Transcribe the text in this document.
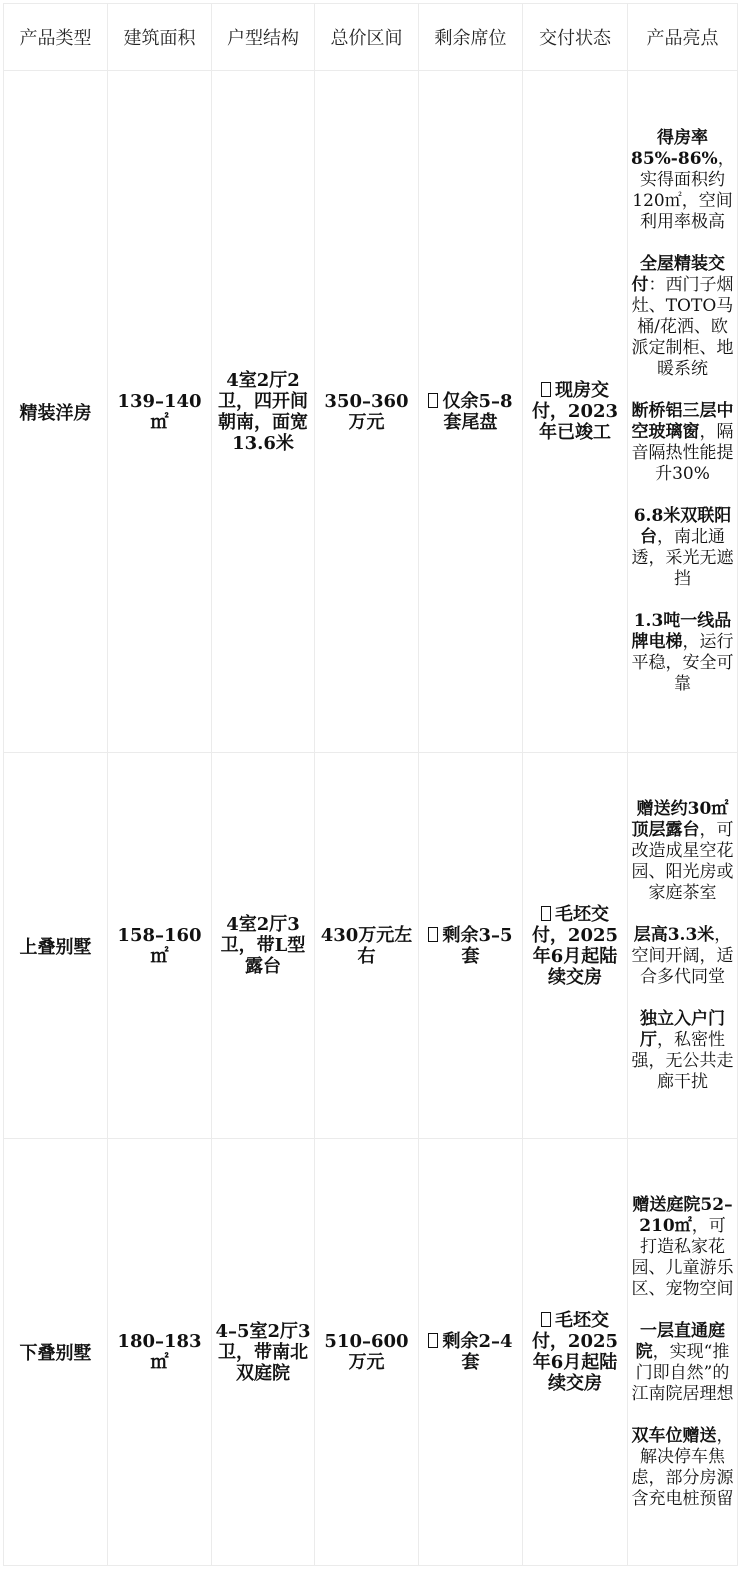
产品类型	建筑面积	户型结构	总价区间	剩余席位	交付状态	产品亮点
精装洋房	139–140㎡	4室2厅2卫，四开间朝南，面宽13.6米	350–360万元	仅余5–8套尾盘	现房交付，2023年已竣工	得房率85%-86%，实得面积约120㎡，空间利用率极高

全屋精装交付：西门子烟灶、TOTO马桶/花洒、欧派定制柜、地暖系统

断桥铝三层中空玻璃窗，隔音隔热性能提升30%

6.8米双联阳台，南北通透，采光无遮挡

1.3吨一线品牌电梯，运行平稳，安全可靠

上叠别墅	158–160㎡	4室2厅3卫，带L型露台	430万元左右	剩余3–5套	毛坯交付，2025年6月起陆续交房	赠送约30㎡顶层露台，可改造成星空花园、阳光房或家庭茶室

层高3.3米，空间开阔，适合多代同堂

独立入户门厅，私密性强，无公共走廊干扰

下叠别墅	180–183㎡	4–5室2厅3卫，带南北双庭院	510–600万元	剩余2–4套	毛坯交付，2025年6月起陆续交房	赠送庭院52–210㎡，可打造私家花园、儿童游乐区、宠物空间

一层直通庭院，实现“推门即自然”的江南院居理想

双车位赠送，解决停车焦虑，部分房源含充电桩预留
